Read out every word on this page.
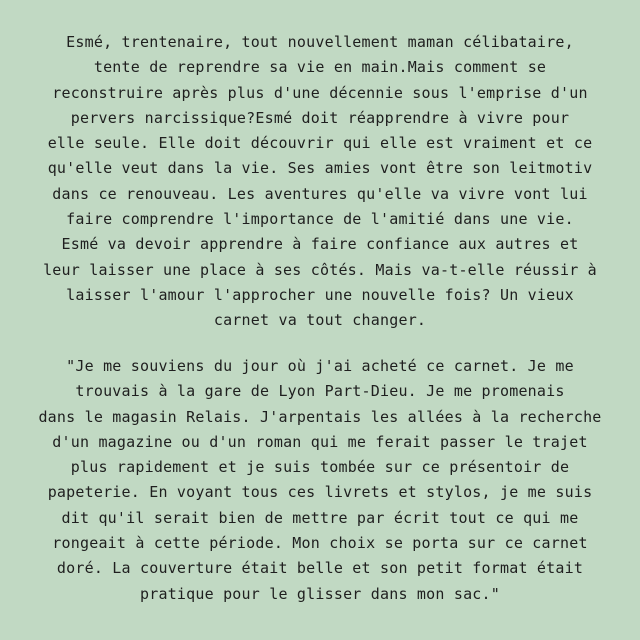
Esmé, trentenaire, tout nouvellement maman célibataire,
tente de reprendre sa vie en main.Mais comment se
reconstruire après plus d'une décennie sous l'emprise d'un
pervers narcissique?Esmé doit réapprendre à vivre pour
elle seule. Elle doit découvrir qui elle est vraiment et ce
qu'elle veut dans la vie. Ses amies vont être son leitmotiv
dans ce renouveau. Les aventures qu'elle va vivre vont lui
faire comprendre l'importance de l'amitié dans une vie.
Esmé va devoir apprendre à faire confiance aux autres et
leur laisser une place à ses côtés. Mais va-t-elle réussir à
laisser l'amour l'approcher une nouvelle fois? Un vieux
carnet va tout changer.
"Je me souviens du jour où j'ai acheté ce carnet. Je me
trouvais à la gare de Lyon Part-Dieu. Je me promenais
dans le magasin Relais. J'arpentais les allées à la recherche
d'un magazine ou d'un roman qui me ferait passer le trajet
plus rapidement et je suis tombée sur ce présentoir de
papeterie. En voyant tous ces livrets et stylos, je me suis
dit qu'il serait bien de mettre par écrit tout ce qui me
rongeait à cette période. Mon choix se porta sur ce carnet
doré. La couverture était belle et son petit format était
pratique pour le glisser dans mon sac."
